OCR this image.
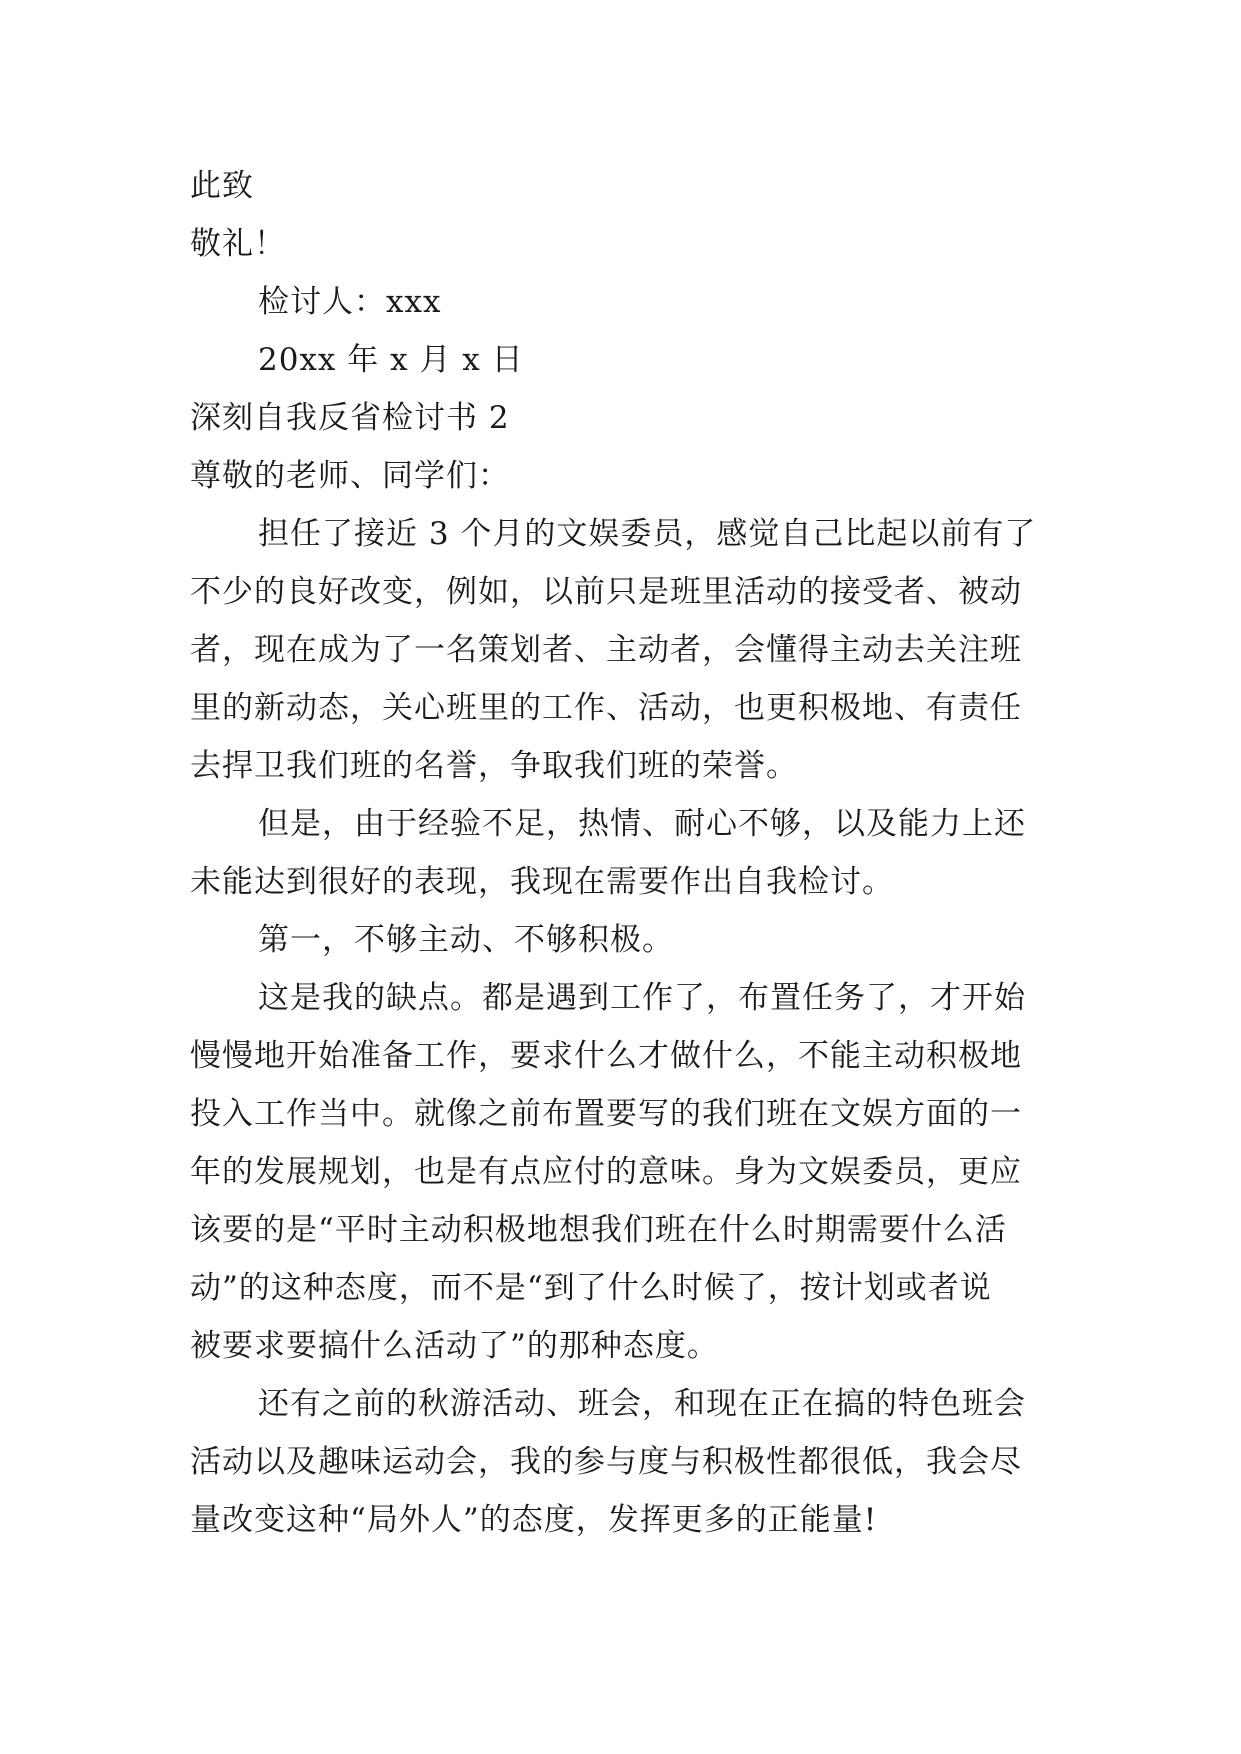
此致
敬礼！
检讨人：xxx
20xx 年 x 月 x 日
深刻自我反省检讨书 2
尊敬的老师、同学们：
担任了接近 3 个月的文娱委员，感觉自己比起以前有了
不少的良好改变，例如，以前只是班里活动的接受者、被动
者，现在成为了一名策划者、主动者，会懂得主动去关注班
里的新动态，关心班里的工作、活动，也更积极地、有责任
去捍卫我们班的名誉，争取我们班的荣誉。
但是，由于经验不足，热情、耐心不够，以及能力上还
未能达到很好的表现，我现在需要作出自我检讨。
第一，不够主动、不够积极。
这是我的缺点。都是遇到工作了，布置任务了，才开始
慢慢地开始准备工作，要求什么才做什么，不能主动积极地
投入工作当中。就像之前布置要写的我们班在文娱方面的一
年的发展规划，也是有点应付的意味。身为文娱委员，更应
该要的是“平时主动积极地想我们班在什么时期需要什么活
动”的这种态度，而不是“到了什么时候了，按计划或者说
被要求要搞什么活动了”的那种态度。
还有之前的秋游活动、班会，和现在正在搞的特色班会
活动以及趣味运动会，我的参与度与积极性都很低，我会尽
量改变这种“局外人”的态度，发挥更多的正能量!
